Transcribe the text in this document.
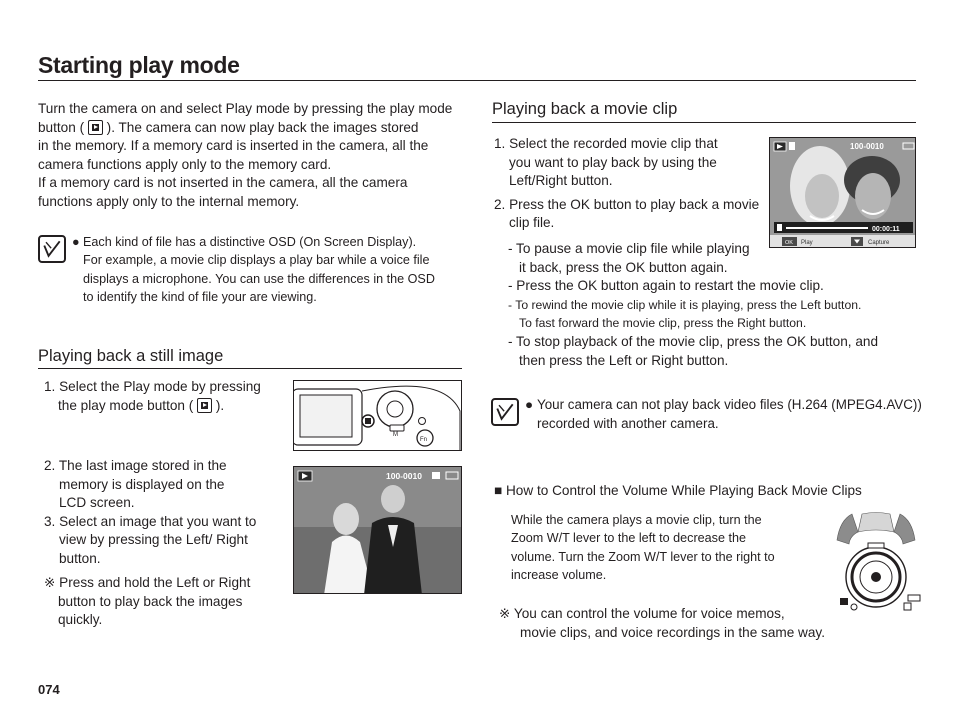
Starting play mode
Turn the camera on and select Play mode by pressing the play mode
button ( ). The camera can now play back the images stored
in the memory. If a memory card is inserted in the camera, all the
camera functions apply only to the memory card.
If a memory card is not inserted in the camera, all the camera
functions apply only to the internal memory.
● Each kind of file has a distinctive OSD (On Screen Display).
For example, a movie clip displays a play bar while a voice file
displays a microphone. You can use the differences in the OSD
to identify the kind of file your are viewing.
Playing back a still image
1. Select the Play mode by pressing
the play mode button ( ).
2. The last image stored in the
memory is displayed on the
LCD screen.
3. Select an image that you want to
view by pressing the Left/ Right
button.
※ Press and hold the Left or Right
button to play back the images
quickly.
M
Fn
100-0010
Playing back a movie clip
1. Select the recorded movie clip that
you want to play back by using the
Left/Right button.
2. Press the OK button to play back a movie
clip file.
- To pause a movie clip file while playing
it back, press the OK button again.
- Press the OK button again to restart the movie clip.
- To rewind the movie clip while it is playing, press the Left button.
To fast forward the movie clip, press the Right button.
- To stop playback of the movie clip, press the OK button, and
then press the Left or Right button.
100-0010
00:00:11
OK Play	Capture
● Your camera can not play back video files (H.264 (MPEG4.AVC))
recorded with another camera.
■ How to Control the Volume While Playing Back Movie Clips
While the camera plays a movie clip, turn the
Zoom W/T lever to the left to decrease the
volume. Turn the Zoom W/T lever to the right to
increase volume.
※ You can control the volume for voice memos,
movie clips, and voice recordings in the same way.
074
